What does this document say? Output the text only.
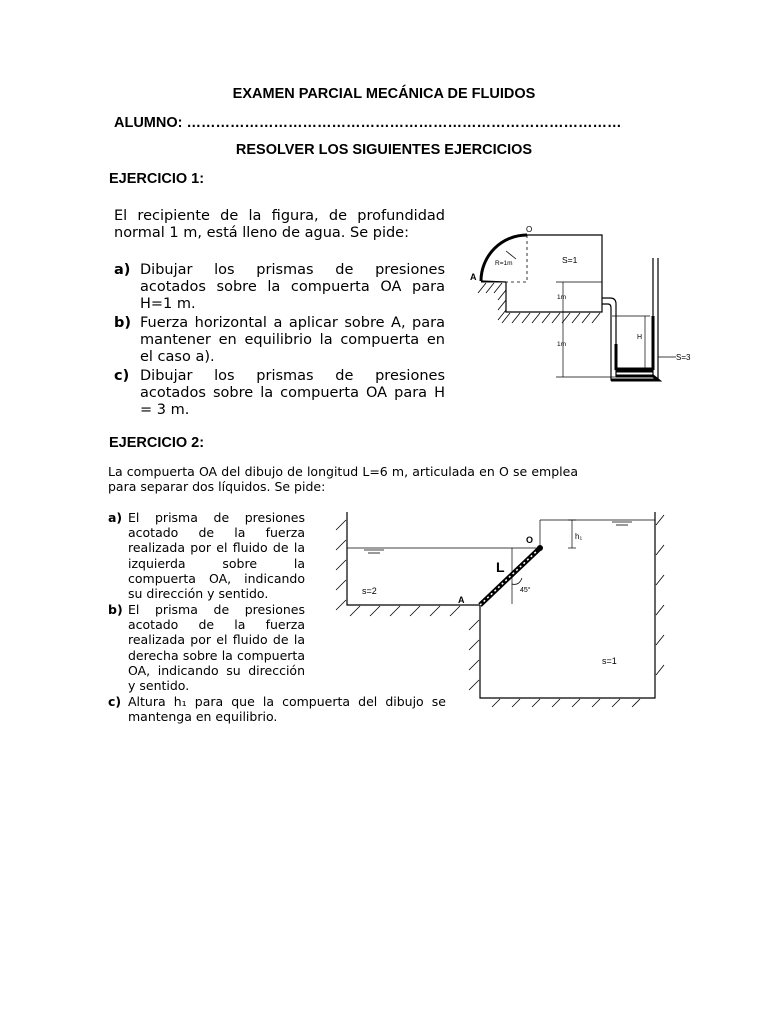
EXAMEN PARCIAL MECÁNICA DE FLUIDOS
ALUMNO: ………………………………………………………………………………
RESOLVER LOS SIGUIENTES EJERCICIOS
EJERCICIO 1:
El recipiente de la figura, de profundidad normal 1 m, está lleno de agua. Se pide:
a) Dibujar los prismas de presiones acotados sobre la compuerta OA para H=1 m.
b) Fuerza horizontal a aplicar sobre A, para mantener en equilibrio la compuerta en el caso a).
c) Dibujar los prismas de presiones acotados sobre la compuerta OA para H = 3 m.
O
A
R=1m	S=1
1m
1m
H
S=3
EJERCICIO 2:
La compuerta OA del dibujo de longitud L=6 m, articulada en O se emplea para separar dos líquidos. Se pide:
a) El prisma de presiones acotado de la fuerza realizada por el fluido de la izquierda sobre la compuerta OA, indicando su dirección y sentido.
b) El prisma de presiones acotado de la fuerza realizada por el fluido de la derecha sobre la compuerta OA, indicando su dirección y sentido.
c) Altura h₁ para que la compuerta del dibujo se mantenga en equilibrio.
h₁
O
A
L
45°
s=2
s=1
